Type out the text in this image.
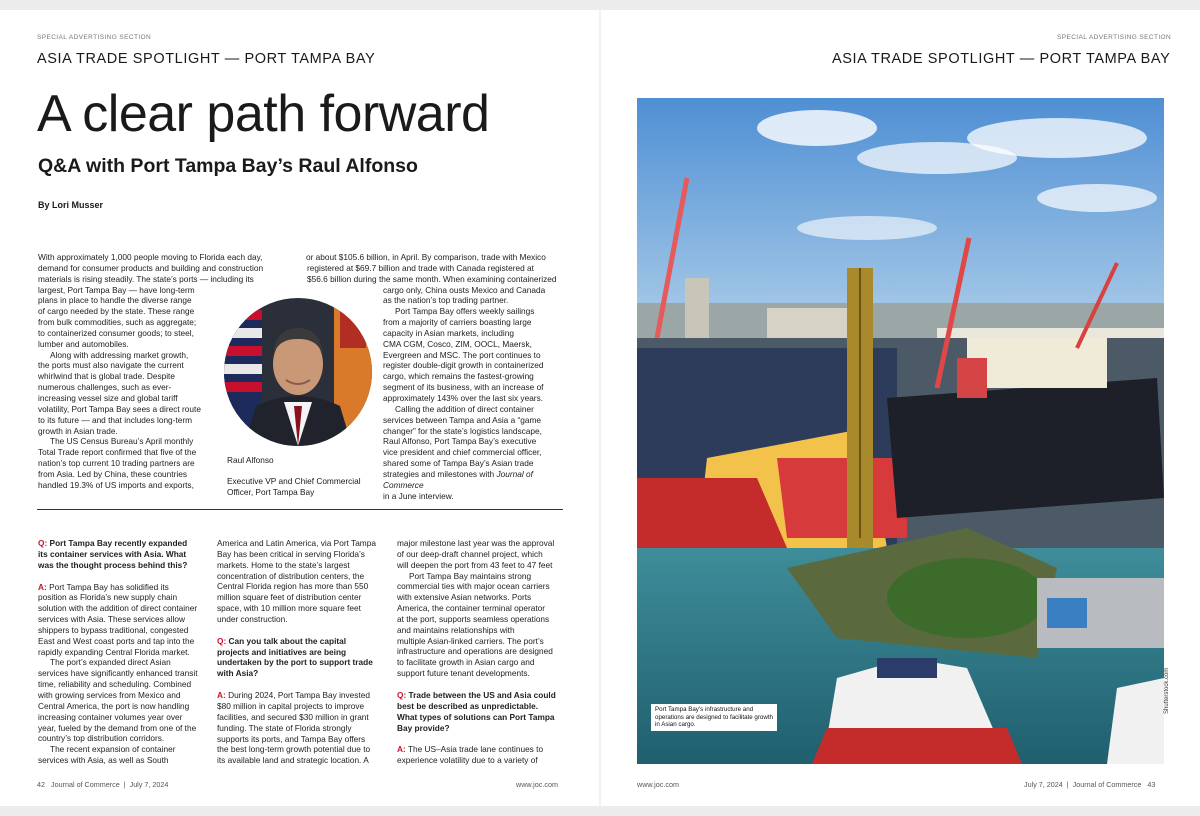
SPECIAL ADVERTISING SECTION
ASIA TRADE SPOTLIGHT — PORT TAMPA BAY
A clear path forward
Q&A with Port Tampa Bay’s Raul Alfonso
By Lori Musser
With approximately 1,000 people moving to Florida each day,
demand for consumer products and building and construction
materials is rising steadily. The state’s ports — including its
largest, Port Tampa Bay — have long-term
plans in place to handle the diverse range
of cargo needed by the state. These range
from bulk commodities, such as aggregate;
to containerized consumer goods; to steel,
lumber and automobiles.
Along with addressing market growth,
the ports must also navigate the current
whirlwind that is global trade. Despite
numerous challenges, such as ever-
increasing vessel size and global tariff
volatility, Port Tampa Bay sees a direct route
to its future — and that includes long-term
growth in Asian trade.
The US Census Bureau’s April monthly
Total Trade report confirmed that five of the
nation’s top current 10 trading partners are
from Asia. Led by China, these countries
handled 19.3% of US imports and exports,
or about $105.6 billion, in April. By comparison, trade with Mexico
registered at $69.7 billion and trade with Canada registered at
$56.6 billion during the same month. When examining containerized
cargo only, China ousts Mexico and Canada
as the nation’s top trading partner.
Port Tampa Bay offers weekly sailings
from a majority of carriers boasting large
capacity in Asian markets, including
CMA CGM, Cosco, ZIM, OOCL, Maersk,
Evergreen and MSC. The port continues to
register double-digit growth in containerized
cargo, which remains the fastest-growing
segment of its business, with an increase of
approximately 143% over the last six years.
Calling the addition of direct container
services between Tampa and Asia a “game
changer” for the state’s logistics landscape,
Raul Alfonso, Port Tampa Bay’s executive
vice president and chief commercial officer,
shared some of Tampa Bay’s Asian trade
strategies and milestones with Journal of Commerce
in a June interview.
Raul Alfonso
Executive VP and Chief Commercial
Officer, Port Tampa Bay
Q: Port Tampa Bay recently expanded
its container services with Asia. What
was the thought process behind this?
A: Port Tampa Bay has solidified its
position as Florida’s new supply chain
solution with the addition of direct container
services with Asia. These services allow
shippers to bypass traditional, congested
East and West coast ports and tap into the
rapidly expanding Central Florida market.
The port’s expanded direct Asian
services have significantly enhanced transit
time, reliability and scheduling. Combined
with growing services from Mexico and
Central America, the port is now handling
increasing container volumes year over
year, fueled by the demand from one of the
country’s top distribution corridors.
The recent expansion of container
services with Asia, as well as South
America and Latin America, via Port Tampa
Bay has been critical in serving Florida’s
markets. Home to the state’s largest
concentration of distribution centers, the
Central Florida region has more than 550
million square feet of distribution center
space, with 10 million more square feet
under construction.
Q: Can you talk about the capital
projects and initiatives are being
undertaken by the port to support trade
with Asia?
A: During 2024, Port Tampa Bay invested
$80 million in capital projects to improve
facilities, and secured $30 million in grant
funding. The state of Florida strongly
supports its ports, and Tampa Bay offers
the best long-term growth potential due to
its available land and strategic location. A
major milestone last year was the approval
of our deep-draft channel project, which
will deepen the port from 43 feet to 47 feet
Port Tampa Bay maintains strong
commercial ties with major ocean carriers
with extensive Asian networks. Ports
America, the container terminal operator
at the port, supports seamless operations
and maintains relationships with
multiple Asian-linked carriers. The port’s
infrastructure and operations are designed
to facilitate growth in Asian cargo and
support future tenant developments.
Q: Trade between the US and Asia could
best be described as unpredictable.
What types of solutions can Port Tampa
Bay provide?
A: The US–Asia trade lane continues to
experience volatility due to a variety of
42 Journal of Commerce | July 7, 2024	www.joc.com
SPECIAL ADVERTISING SECTION
ASIA TRADE SPOTLIGHT — PORT TAMPA BAY
Port Tampa Bay’s infrastructure and operations are designed to facilitate growth in Asian cargo.
Shutterstock.com
www.joc.com	July 7, 2024 | Journal of Commerce 43
